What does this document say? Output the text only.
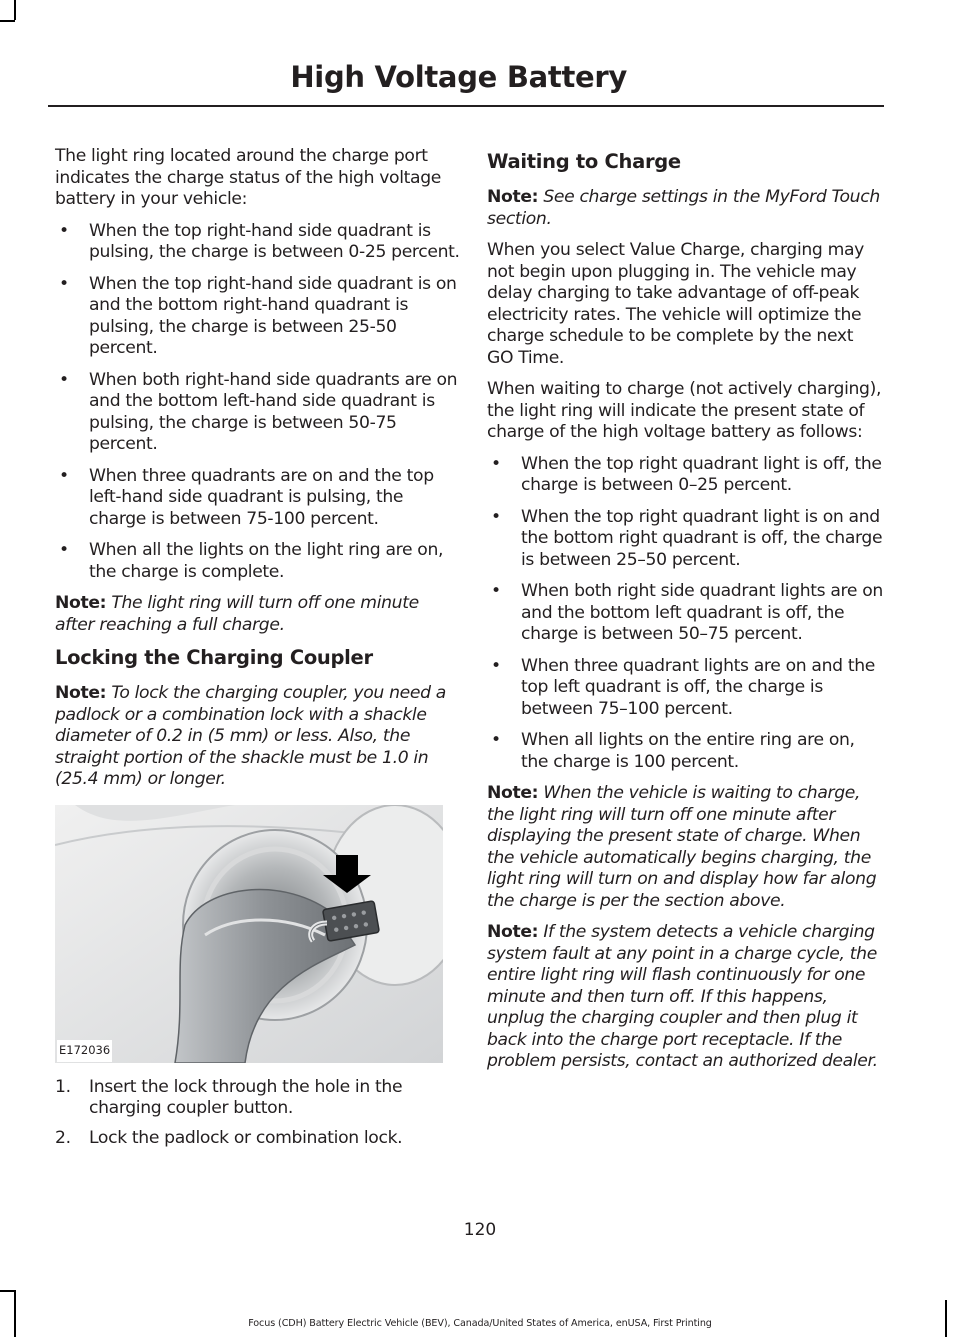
High Voltage Battery

The light ring located around the charge port indicates the charge status of the high voltage battery in your vehicle:

• When the top right-hand side quadrant is pulsing, the charge is between 0-25 percent.
• When the top right-hand side quadrant is on and the bottom right-hand quadrant is pulsing, the charge is between 25-50 percent.
• When both right-hand side quadrants are on and the bottom left-hand side quadrant is pulsing, the charge is between 50-75 percent.
• When three quadrants are on and the top left-hand side quadrant is pulsing, the charge is between 75-100 percent.
• When all the lights on the light ring are on, the charge is complete.

Note: The light ring will turn off one minute after reaching a full charge.

Locking the Charging Coupler

Note: To lock the charging coupler, you need a padlock or a combination lock with a shackle diameter of 0.2 in (5 mm) or less. Also, the straight portion of the shackle must be 1.0 in (25.4 mm) or longer.

E172036
1. Insert the lock through the hole in the charging coupler button.
2. Lock the padlock or combination lock.
Waiting to Charge

Note: See charge settings in the MyFord Touch section.

When you select Value Charge, charging may not begin upon plugging in. The vehicle may delay charging to take advantage of off-peak electricity rates. The vehicle will optimize the charge schedule to be complete by the next GO Time.

When waiting to charge (not actively charging), the light ring will indicate the present state of charge of the high voltage battery as follows:

• When the top right quadrant light is off, the charge is between 0–25 percent.
• When the top right quadrant light is on and the bottom right quadrant is off, the charge is between 25–50 percent.
• When both right side quadrant lights are on and the bottom left quadrant is off, the charge is between 50–75 percent.
• When three quadrant lights are on and the top left quadrant is off, the charge is between 75–100 percent.
• When all lights on the entire ring are on, the charge is 100 percent.

Note: When the vehicle is waiting to charge, the light ring will turn off one minute after displaying the present state of charge. When the vehicle automatically begins charging, the light ring will turn on and display how far along the charge is per the section above.

Note: If the system detects a vehicle charging system fault at any point in a charge cycle, the entire light ring will flash continuously for one minute and then turn off. If this happens, unplug the charging coupler and then plug it back into the charge port receptacle. If the problem persists, contact an authorized dealer.

120
Focus (CDH) Battery Electric Vehicle (BEV), Canada/United States of America, enUSA, First Printing
